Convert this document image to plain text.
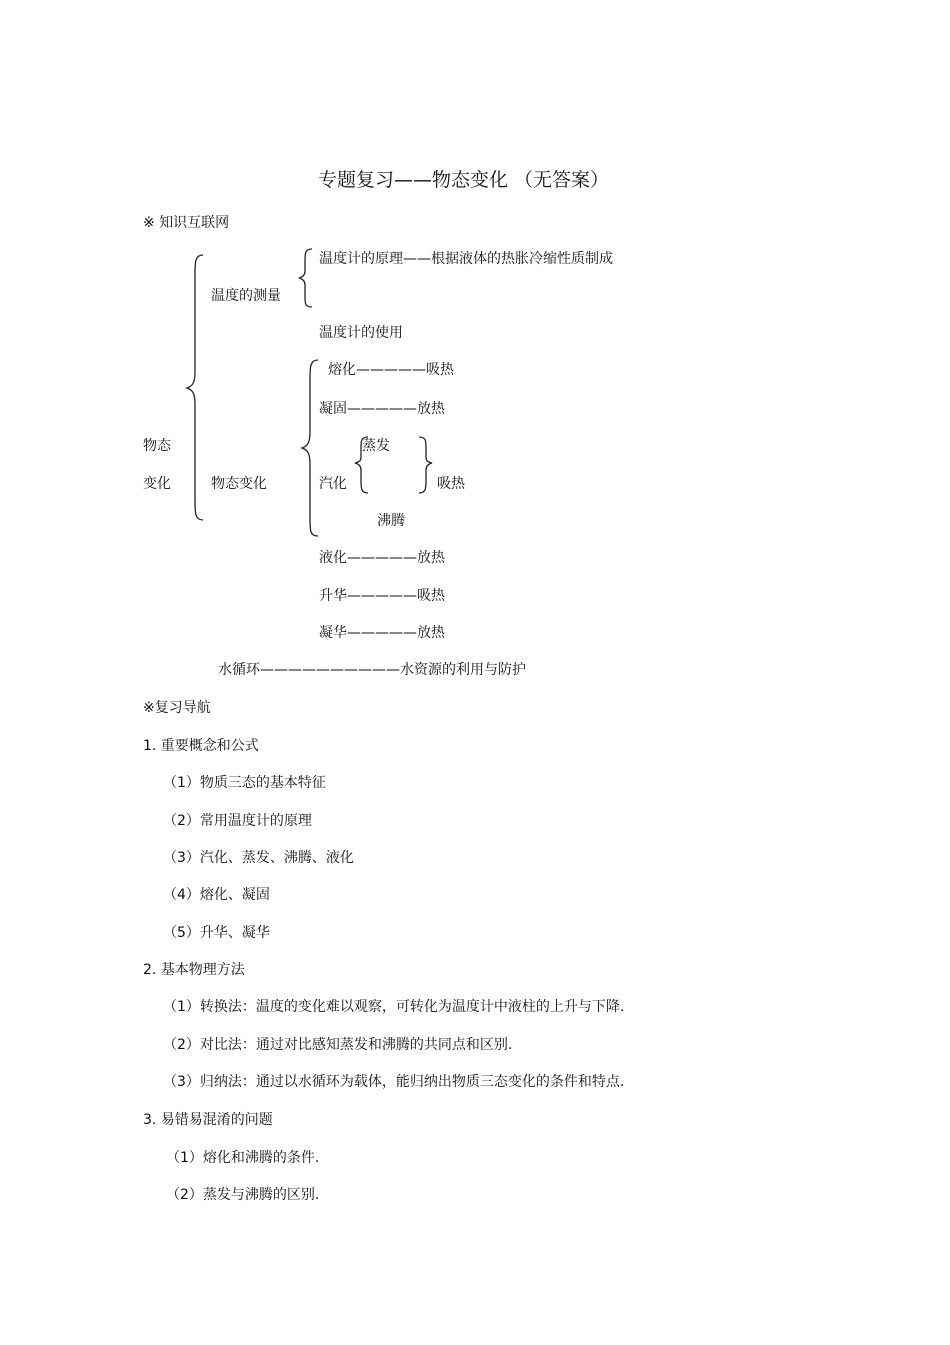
专题复习——物态变化 （无答案）
※ 知识互联网
物态
变化
温度的测量
温度计的原理——根据液体的热胀冷缩性质制成
温度计的使用
物态变化
熔化—————吸热
凝固—————放热
蒸发
汽化	吸热
沸腾
液化—————放热
升华—————吸热
凝华—————放热
水循环——————————水资源的利用与防护
※复习导航
1. 重要概念和公式
（1）物质三态的基本特征
（2）常用温度计的原理
（3）汽化、蒸发、沸腾、液化
（4）熔化、凝固
（5）升华、凝华
2. 基本物理方法
（1）转换法：温度的变化难以观察，可转化为温度计中液柱的上升与下降.
（2）对比法：通过对比感知蒸发和沸腾的共同点和区别.
（3）归纳法：通过以水循环为载体，能归纳出物质三态变化的条件和特点.
3. 易错易混淆的问题
（1）熔化和沸腾的条件.
（2）蒸发与沸腾的区别.
